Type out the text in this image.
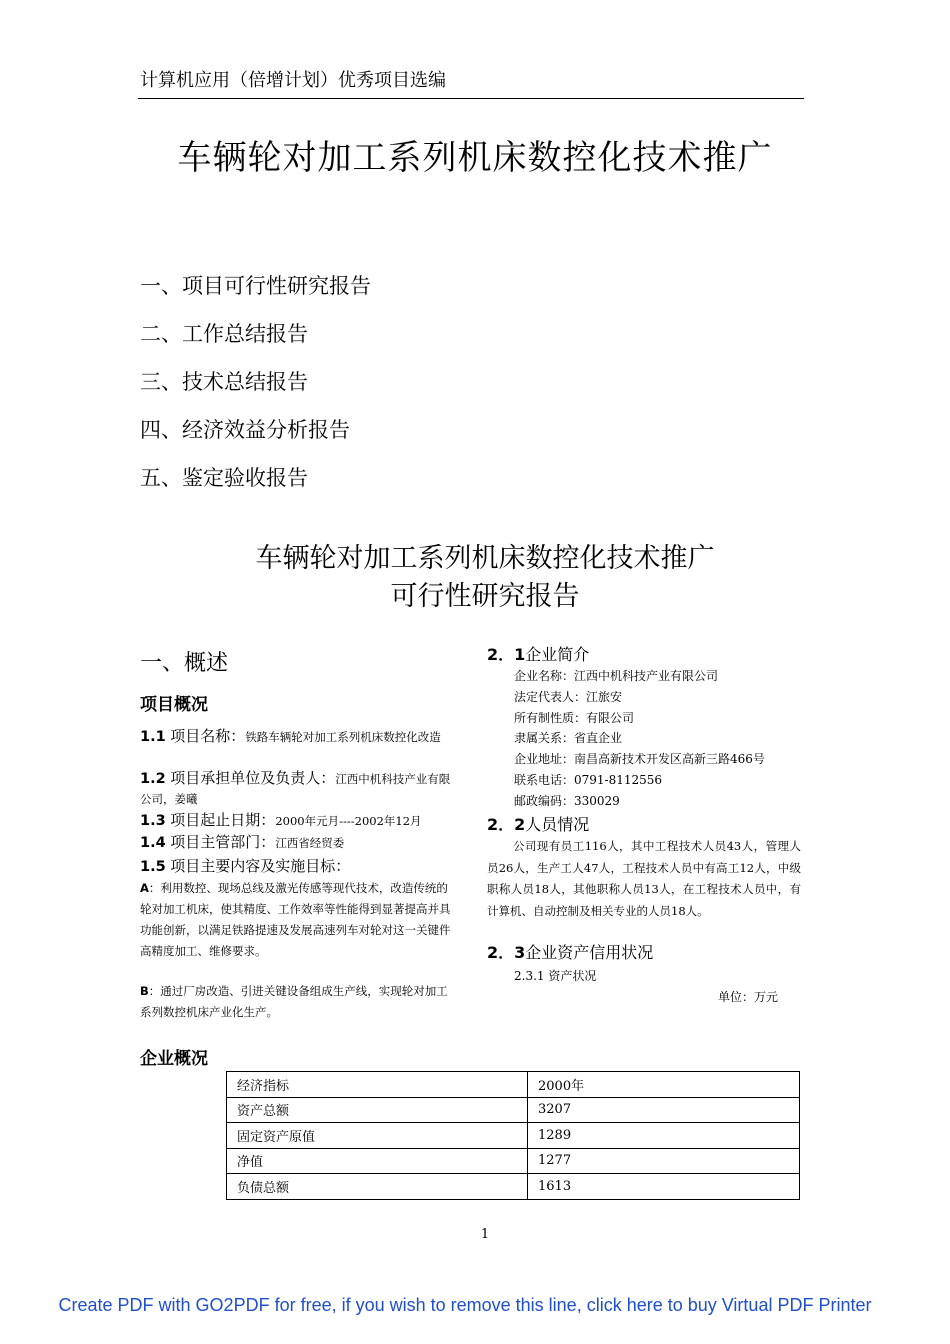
计算机应用（倍增计划）优秀项目选编
车辆轮对加工系列机床数控化技术推广
一、项目可行性研究报告
二、工作总结报告
三、技术总结报告
四、经济效益分析报告
五、鉴定验收报告
车辆轮对加工系列机床数控化技术推广
可行性研究报告
一、概述
项目概况
1.1 项目名称：铁路车辆轮对加工系列机床数控化改造
1.2 项目承担单位及负责人：江西中机科技产业有限公司，姜曦
1.3 项目起止日期：2000年元月----2002年12月
1.4 项目主管部门：江西省经贸委
1.5 项目主要内容及实施目标：
A：利用数控、现场总线及激光传感等现代技术，改造传统的轮对加工机床，使其精度、工作效率等性能得到显著提高并具功能创新，以满足铁路提速及发展高速列车对轮对这一关键件高精度加工、维修要求。
B：通过厂房改造、引进关键设备组成生产线，实现轮对加工系列数控机床产业化生产。
企业概况
2．1企业简介
企业名称：江西中机科技产业有限公司
法定代表人：江旅安
所有制性质：有限公司
隶属关系：省直企业
企业地址：南昌高新技术开发区高新三路466号
联系电话：0791-8112556
邮政编码：330029
2．2人员情况
公司现有员工116人，其中工程技术人员43人，管理人员26人，生产工人47人，工程技术人员中有高工12人，中级职称人员18人，其他职称人员13人，在工程技术人员中，有计算机、自动控制及相关专业的人员18人。
2．3企业资产信用状况
2.3.1 资产状况
单位：万元
经济指标	2000年
资产总额	3207
固定资产原值	1289
净值	1277
负债总额	1613
1
Create PDF with GO2PDF for free, if you wish to remove this line, click here to buy Virtual PDF Printer
